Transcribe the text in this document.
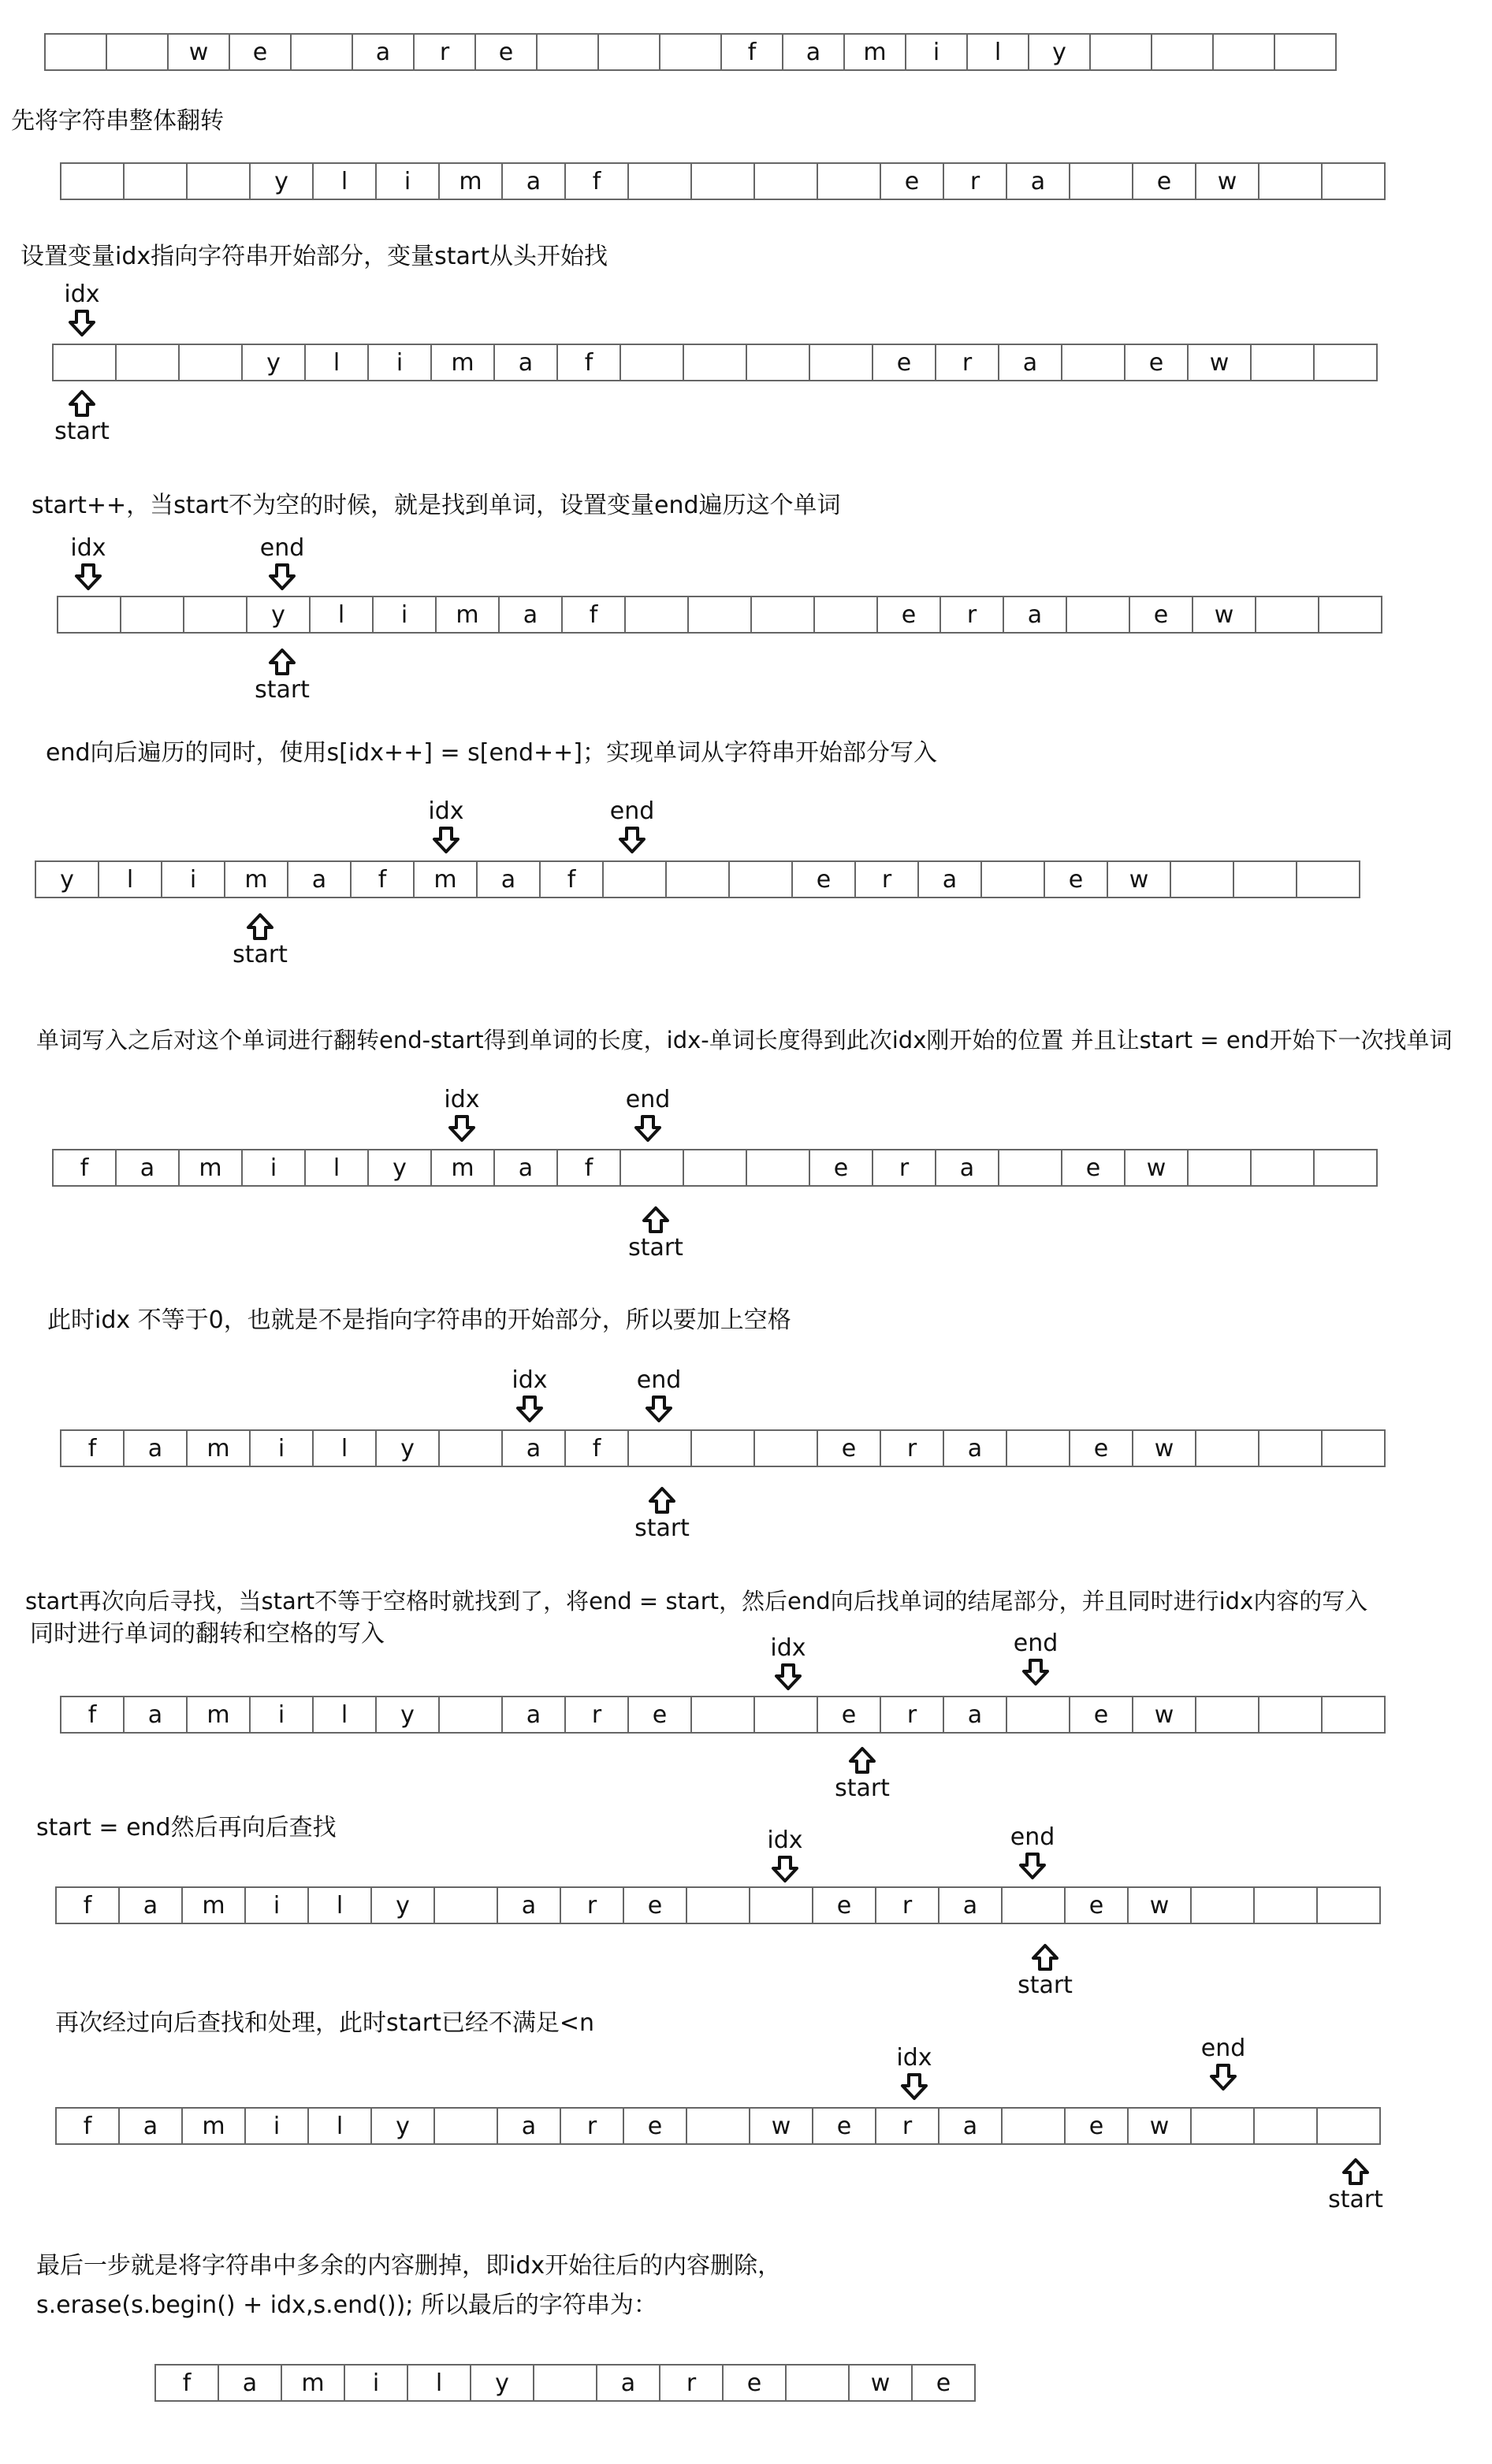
w	e	a	r	e	f	a	m	i	l	y
先将字符串整体翻转
y	l	i	m	a	f	e	r	a	e	w
设置变量idx指向字符串开始部分，变量start从头开始找
idx
y	l	i	m	a	f	e	r	a	e	w
start
start++，当start不为空的时候，就是找到单词，设置变量end遍历这个单词
idx	end
y	l	i	m	a	f	e	r	a	e	w
start
end向后遍历的同时，使用s[idx++] = s[end++]；实现单词从字符串开始部分写入
idx	end
y	l	i	m	a	f	m	a	f	e	r	a	e	w
start
单词写入之后对这个单词进行翻转end-start得到单词的长度，idx-单词长度得到此次idx刚开始的位置 并且让start = end开始下一次找单词
idx	end
f	a	m	i	l	y	m	a	f	e	r	a	e	w
start
此时idx 不等于0，也就是不是指向字符串的开始部分，所以要加上空格
idx	end
f	a	m	i	l	y	a	f	e	r	a	e	w
start
start再次向后寻找，当start不等于空格时就找到了，将end = start，然后end向后找单词的结尾部分，并且同时进行idx内容的写入
同时进行单词的翻转和空格的写入
idx	end
f	a	m	i	l	y	a	r	e	e	r	a	e	w
start
start = end然后再向后查找	idx	end
f	a	m	i	l	y	a	r	e	e	r	a	e	w
start
再次经过向后查找和处理，此时start已经不满足<n
idx	end
f	a	m	i	l	y	a	r	e	w	e	r	a	e	w
start
最后一步就是将字符串中多余的内容删掉，即idx开始往后的内容删除，
s.erase(s.begin() + idx,s.end()); 所以最后的字符串为：
f	a	m	i	l	y	a	r	e	w	e
